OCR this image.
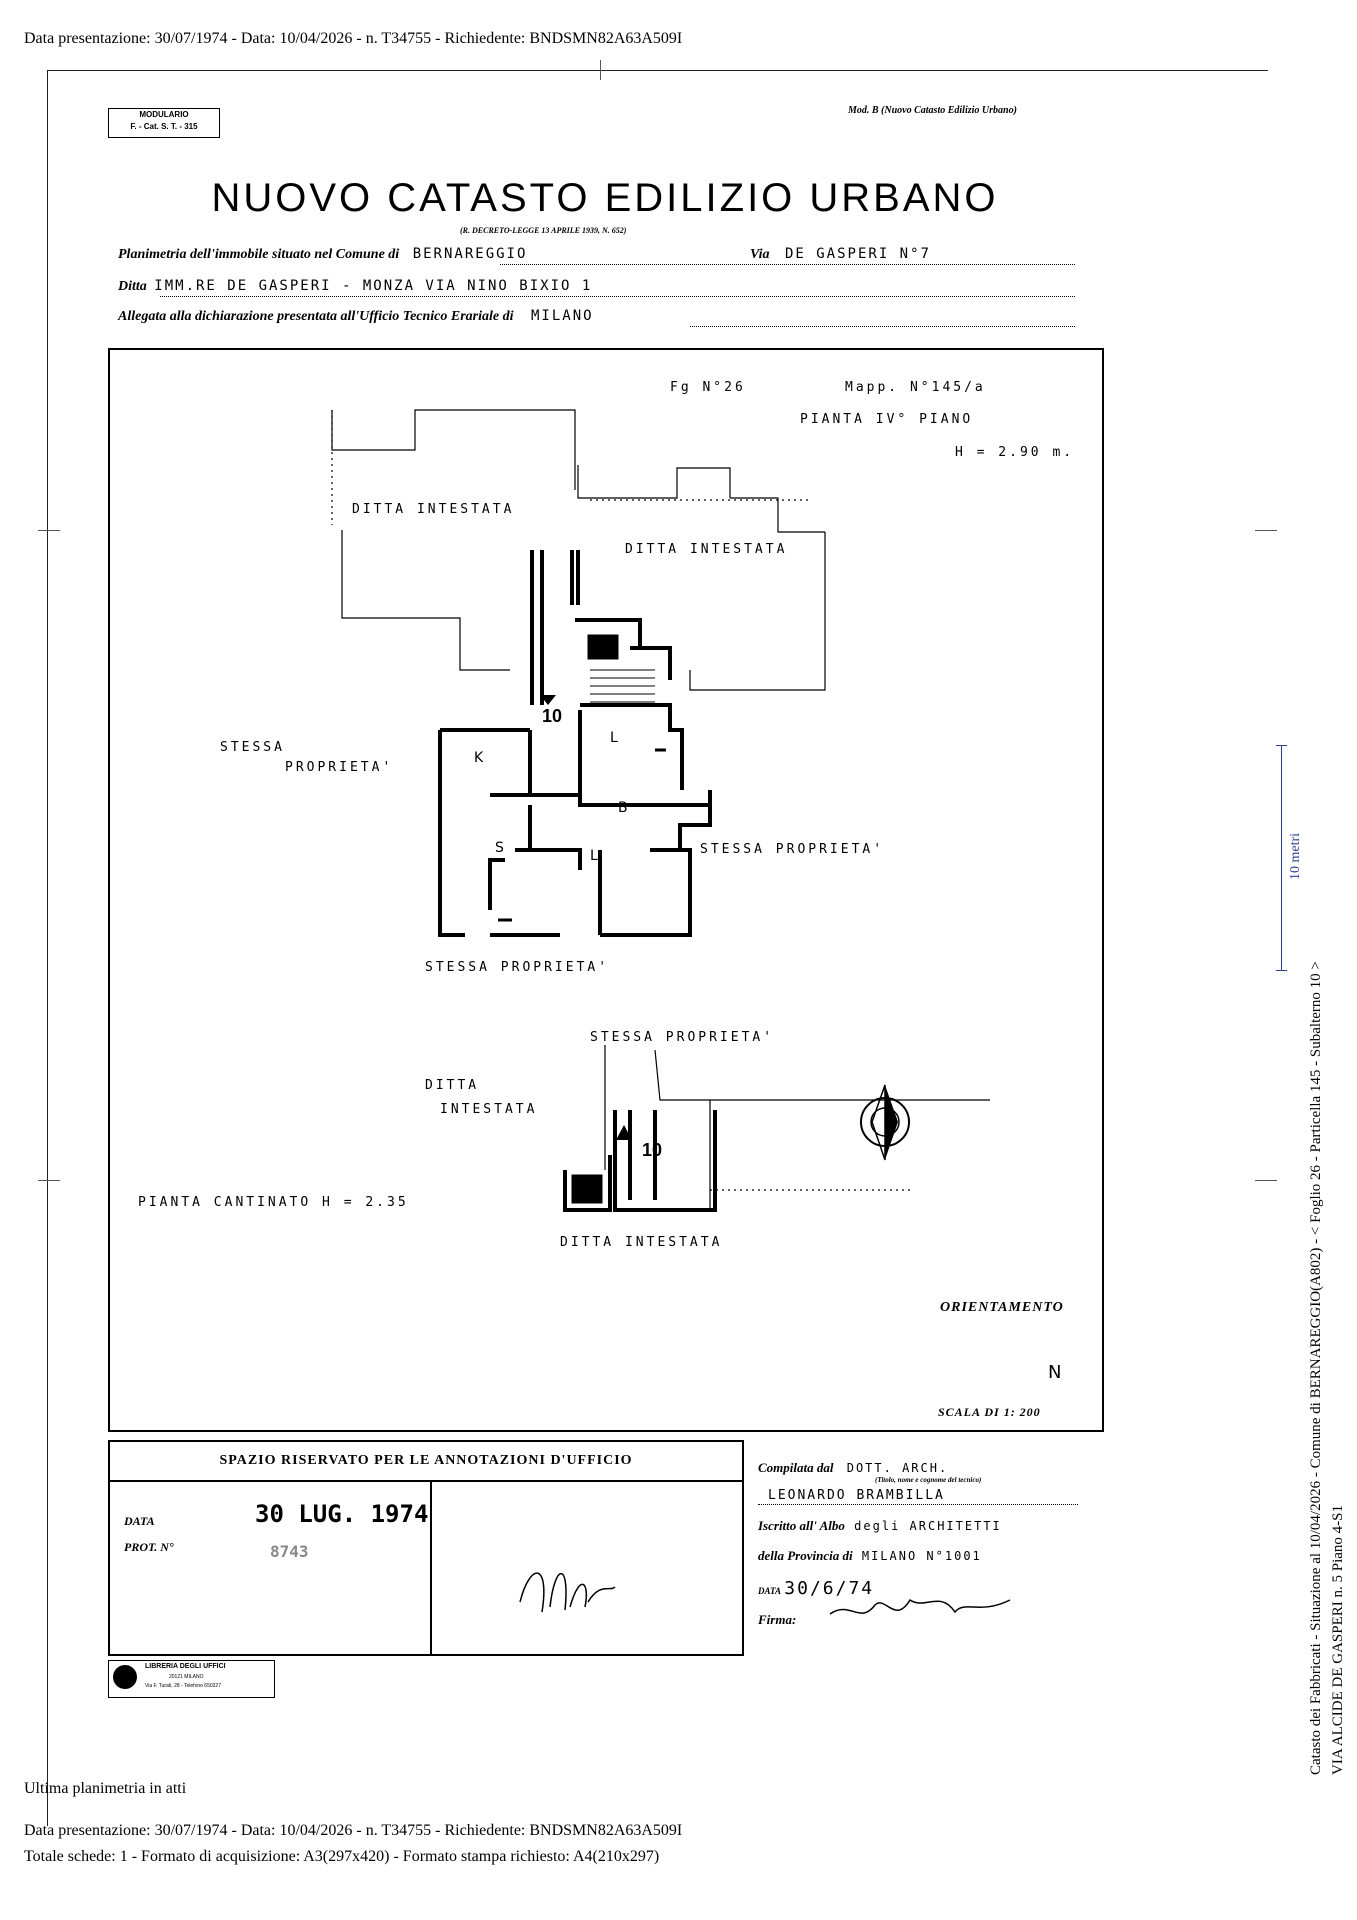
Data presentazione: 30/07/1974 - Data: 10/04/2026 - n. T34755 - Richiedente: BNDSMN82A63A509I
MODULARIO
F. - Cat. S. T. - 315
Mod. B (Nuovo Catasto Edilizio Urbano)
NUOVO CATASTO EDILIZIO URBANO
(R. DECRETO-LEGGE 13 APRILE 1939, N. 652)
Planimetria dell'immobile situato nel Comune di BERNAREGGIO	Via DE GASPERI N°7
Ditta IMM.RE DE GASPERI - MONZA VIA NINO BIXIO 1
Allegata alla dichiarazione presentata all'Ufficio Tecnico Erariale di MILANO
Fg N°26	Mapp. N°145/a
PIANTA IV° PIANO
H = 2.90 m.
DITTA INTESTATA
DITTA INTESTATA
STESSA
PROPRIETA'
STESSA PROPRIETA'
STESSA PROPRIETA'
K
L
B
S	L
10
STESSA PROPRIETA'
DITTA
INTESTATA
DITTA INTESTATA
PIANTA CANTINATO H = 2.35
10
ORIENTAMENTO
N
SCALA DI 1: 200
SPAZIO RISERVATO PER LE ANNOTAZIONI D'UFFICIO
DATA
PROT. N°
30 LUG. 1974
8743
LIBRERIA DEGLI UFFICI
20121 MILANO
Via F. Turati, 28 - Telefono 650227
Compilata dal DOTT. ARCH.
(Titolo, nome e cognome del tecnico)
LEONARDO BRAMBILLA
Iscritto all' Albo degli ARCHITETTI
della Provincia di MILANO N°1001
DATA 30/6/74
Firma:
10 metri
Catasto dei Fabbricati - Situazione al 10/04/2026 - Comune di BERNAREGGIO(A802) - < Foglio 26 - Particella 145 - Subalterno 10 > VIA ALCIDE DE GASPERI n. 5 Piano 4-S1
Ultima planimetria in atti
Data presentazione: 30/07/1974 - Data: 10/04/2026 - n. T34755 - Richiedente: BNDSMN82A63A509I
Totale schede: 1 - Formato di acquisizione: A3(297x420) - Formato stampa richiesto: A4(210x297)
